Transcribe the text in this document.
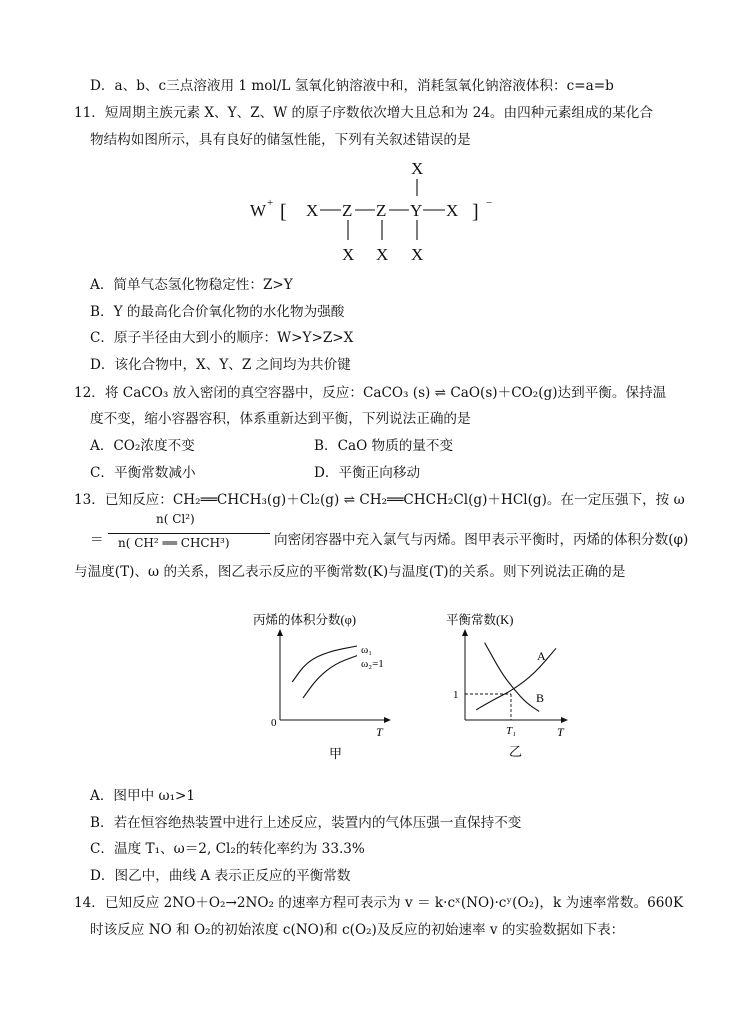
D．a、b、c三点溶液用 1 mol/L 氢氧化钠溶液中和，消耗氢氧化钠溶液体积：c=a=b
11．短周期主族元素 X、Y、Z、W 的原子序数依次增大且总和为 24。由四种元素组成的某化合
物结构如图所示，具有良好的储氢性能，下列有关叙述错误的是
W + [ X Z Z Y X ] −
X
X X X
A．简单气态氢化物稳定性：Z>Y
B．Y 的最高化合价氧化物的水化物为强酸
C．原子半径由大到小的顺序：W>Y>Z>X
D．该化合物中，X、Y、Z 之间均为共价键
12．将 CaCO₃ 放入密闭的真空容器中，反应：CaCO₃ (s) ⇌ CaO(s)＋CO₂(g)达到平衡。保持温
度不变，缩小容器容积，体系重新达到平衡，下列说法正确的是
A．CO₂浓度不变	B．CaO 物质的量不变
C．平衡常数减小	D．平衡正向移动
13．已知反应：CH₂══CHCH₃(g)＋Cl₂(g) ⇌ CH₂══CHCH₂Cl(g)＋HCl(g)。在一定压强下，按 ω
＝
n( Cl²)
n( CH² ══ CHCH³)	向密闭容器中充入氯气与丙烯。图甲表示平衡时，丙烯的体积分数(φ)
与温度(T)、ω 的关系，图乙表示反应的平衡常数(K)与温度(T)的关系。则下列说法正确的是
丙烯的体积分数(φ)
0
T
ω₁
ω₂=1
甲
平衡常数(K)
1
T₁	T
A
B
乙
A．图甲中 ω₁>1
B．若在恒容绝热装置中进行上述反应，装置内的气体压强一直保持不变
C．温度 T₁、ω＝2, Cl₂的转化率约为 33.3%
D．图乙中，曲线 A 表示正反应的平衡常数
14．已知反应 2NO＋O₂→2NO₂ 的速率方程可表示为 v ＝ k·cˣ(NO)·cʸ(O₂)，k 为速率常数。660K
时该反应 NO 和 O₂的初始浓度 c(NO)和 c(O₂)及反应的初始速率 v 的实验数据如下表：
